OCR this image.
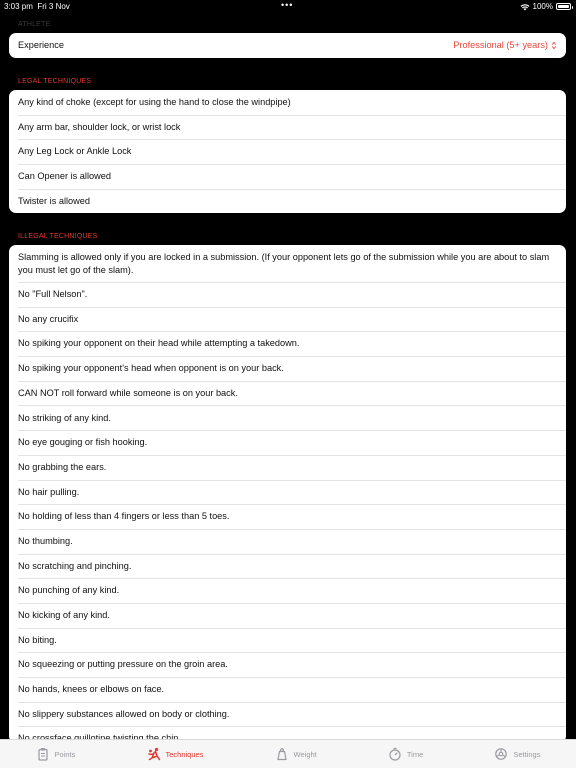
3:03 pm Fri 3 Nov	•••	100%
ATHLETE
Experience	Professional (5+ years)
LEGAL TECHNIQUES
Any kind of choke (except for using the hand to close the windpipe)
Any arm bar, shoulder lock, or wrist lock
Any Leg Lock or Ankle Lock
Can Opener is allowed
Twister is allowed
ILLEGAL TECHNIQUES
Slamming is allowed only if you are locked in a submission. (If your opponent lets go of the submission while you are about to slam you must let go of the slam).
No "Full Nelson".
No any crucifix
No spiking your opponent on their head while attempting a takedown.
No spiking your opponent's head when opponent is on your back.
CAN NOT roll forward while someone is on your back.
No striking of any kind.
No eye gouging or fish hooking.
No grabbing the ears.
No hair pulling.
No holding of less than 4 fingers or less than 5 toes.
No thumbing.
No scratching and pinching.
No punching of any kind.
No kicking of any kind.
No biting.
No squeezing or putting pressure on the groin area.
No hands, knees or elbows on face.
No slippery substances allowed on body or clothing.
Points	Techniques	Weight	Time	Settings
